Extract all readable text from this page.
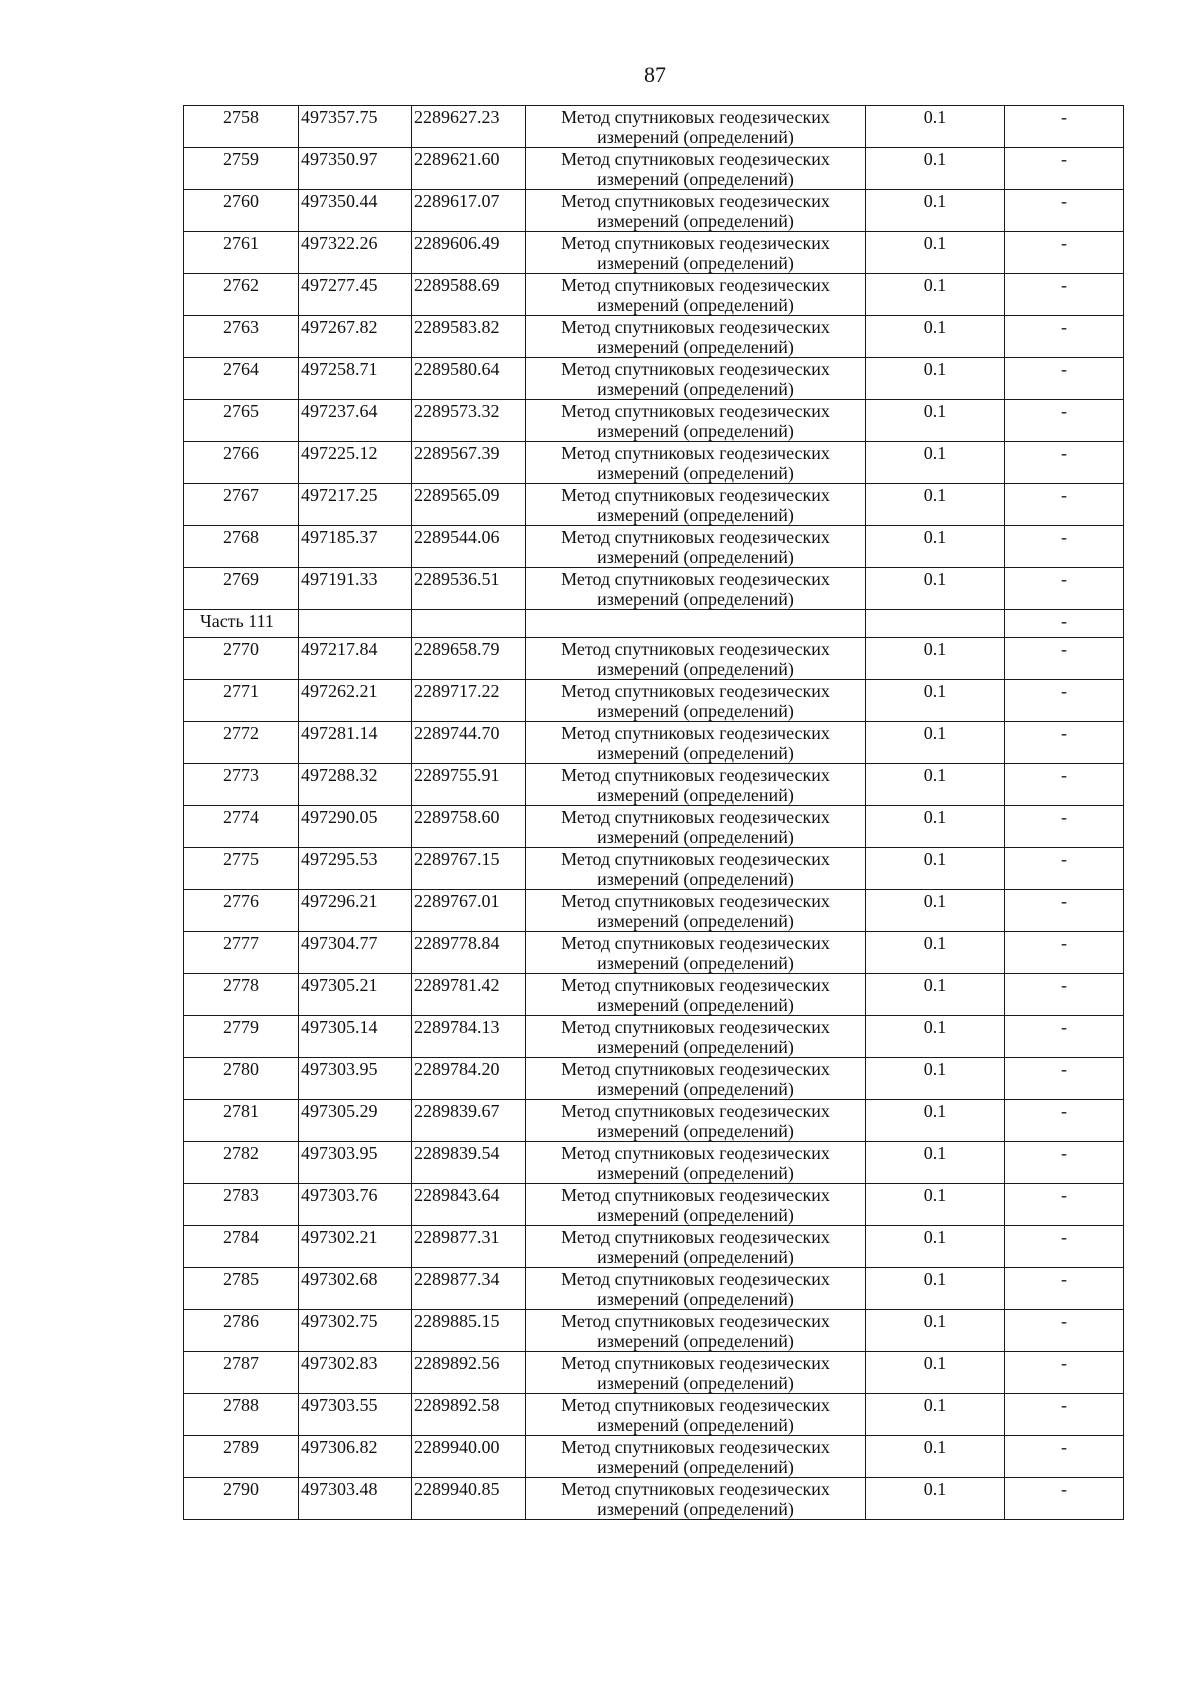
87
2758	497357.75	2289627.23	Метод спутниковых геодезических измерений (определений)	0.1	-
2759	497350.97	2289621.60	Метод спутниковых геодезических измерений (определений)	0.1	-
2760	497350.44	2289617.07	Метод спутниковых геодезических измерений (определений)	0.1	-
2761	497322.26	2289606.49	Метод спутниковых геодезических измерений (определений)	0.1	-
2762	497277.45	2289588.69	Метод спутниковых геодезических измерений (определений)	0.1	-
2763	497267.82	2289583.82	Метод спутниковых геодезических измерений (определений)	0.1	-
2764	497258.71	2289580.64	Метод спутниковых геодезических измерений (определений)	0.1	-
2765	497237.64	2289573.32	Метод спутниковых геодезических измерений (определений)	0.1	-
2766	497225.12	2289567.39	Метод спутниковых геодезических измерений (определений)	0.1	-
2767	497217.25	2289565.09	Метод спутниковых геодезических измерений (определений)	0.1	-
2768	497185.37	2289544.06	Метод спутниковых геодезических измерений (определений)	0.1	-
2769	497191.33	2289536.51	Метод спутниковых геодезических измерений (определений)	0.1	-
Часть 111					-
2770	497217.84	2289658.79	Метод спутниковых геодезических измерений (определений)	0.1	-
2771	497262.21	2289717.22	Метод спутниковых геодезических измерений (определений)	0.1	-
2772	497281.14	2289744.70	Метод спутниковых геодезических измерений (определений)	0.1	-
2773	497288.32	2289755.91	Метод спутниковых геодезических измерений (определений)	0.1	-
2774	497290.05	2289758.60	Метод спутниковых геодезических измерений (определений)	0.1	-
2775	497295.53	2289767.15	Метод спутниковых геодезических измерений (определений)	0.1	-
2776	497296.21	2289767.01	Метод спутниковых геодезических измерений (определений)	0.1	-
2777	497304.77	2289778.84	Метод спутниковых геодезических измерений (определений)	0.1	-
2778	497305.21	2289781.42	Метод спутниковых геодезических измерений (определений)	0.1	-
2779	497305.14	2289784.13	Метод спутниковых геодезических измерений (определений)	0.1	-
2780	497303.95	2289784.20	Метод спутниковых геодезических измерений (определений)	0.1	-
2781	497305.29	2289839.67	Метод спутниковых геодезических измерений (определений)	0.1	-
2782	497303.95	2289839.54	Метод спутниковых геодезических измерений (определений)	0.1	-
2783	497303.76	2289843.64	Метод спутниковых геодезических измерений (определений)	0.1	-
2784	497302.21	2289877.31	Метод спутниковых геодезических измерений (определений)	0.1	-
2785	497302.68	2289877.34	Метод спутниковых геодезических измерений (определений)	0.1	-
2786	497302.75	2289885.15	Метод спутниковых геодезических измерений (определений)	0.1	-
2787	497302.83	2289892.56	Метод спутниковых геодезических измерений (определений)	0.1	-
2788	497303.55	2289892.58	Метод спутниковых геодезических измерений (определений)	0.1	-
2789	497306.82	2289940.00	Метод спутниковых геодезических измерений (определений)	0.1	-
2790	497303.48	2289940.85	Метод спутниковых геодезических измерений (определений)	0.1	-
